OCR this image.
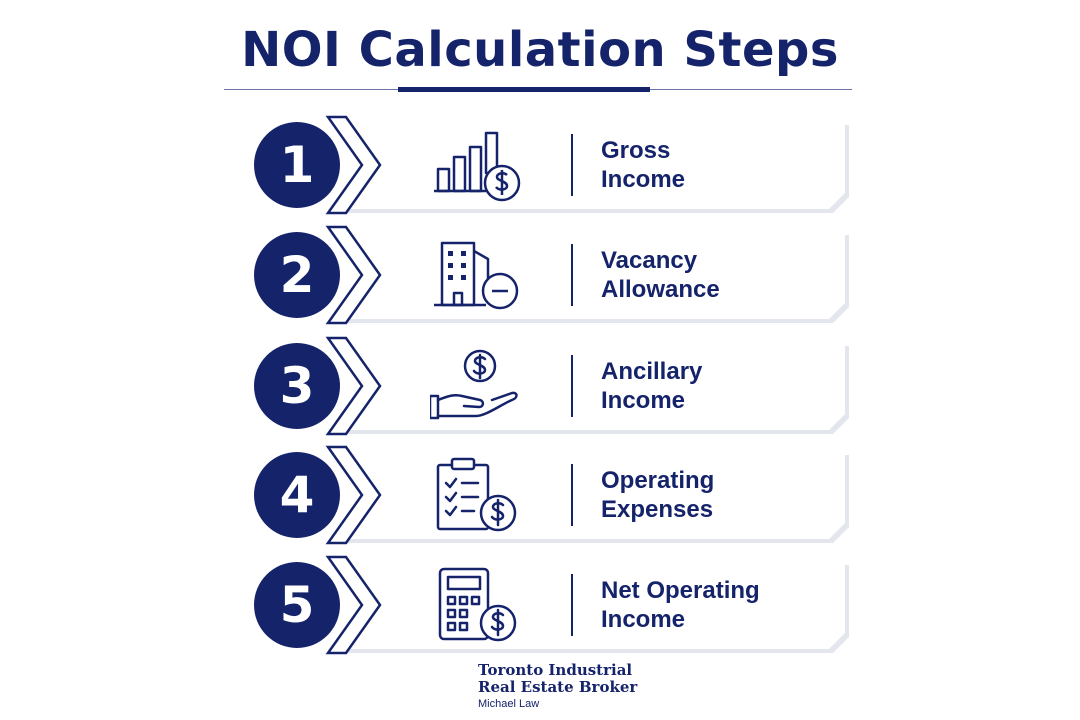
NOI Calculation Steps
1	Gross
Income
2	Vacancy
Allowance
3	Ancillary
Income
4	Operating
Expenses
5	Net Operating
Income
Toronto Industrial
Real Estate Broker
Michael Law
